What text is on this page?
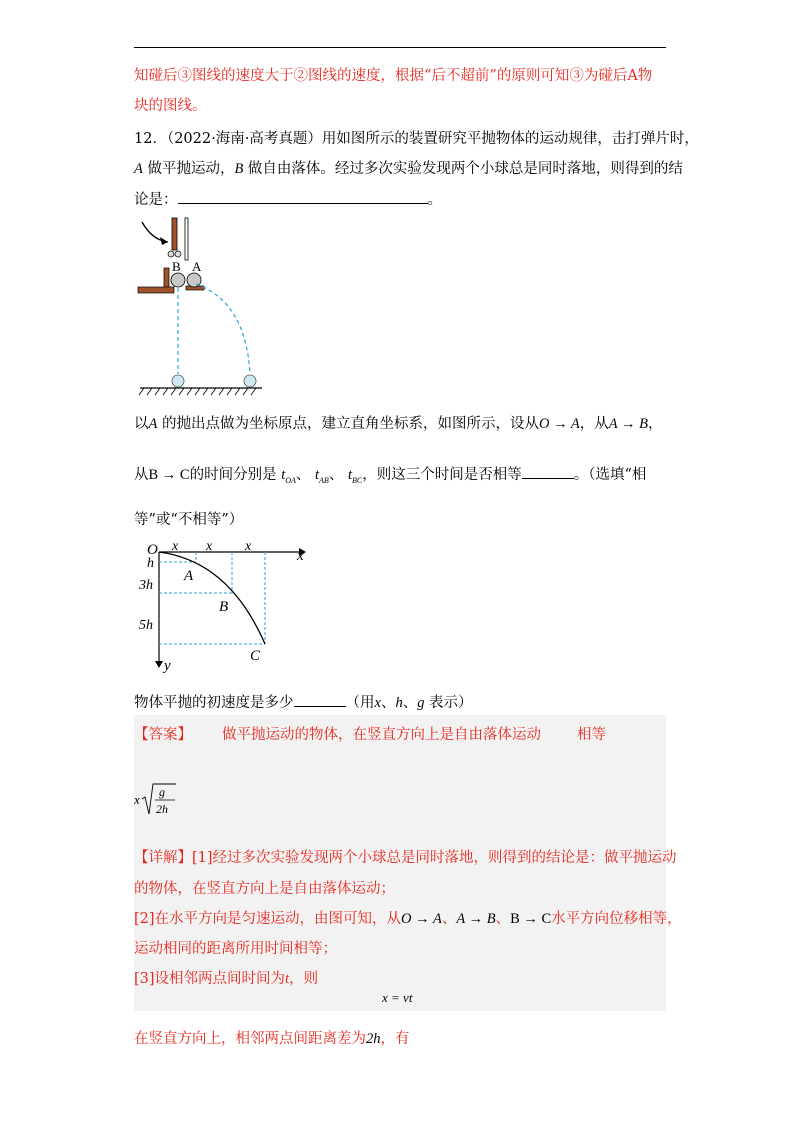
知碰后③图线的速度大于②图线的速度，根据“后不超前”的原则可知③为碰后A物
块的图线。
12．（2022·海南·高考真题）用如图所示的装置研究平抛物体的运动规律，击打弹片时，
A 做平抛运动，B 做自由落体。经过多次实验发现两个小球总是同时落地，则得到的结
论是：	。
B A
以A 的抛出点做为坐标原点，建立直角坐标系，如图所示，设从O → A，从A → B，
从B → C的时间分别是 $t_{OA}$、 $t_{AB}$、 $t_{BC}$，则这三个时间是否相等	。（选填“相
等”或“不相等”）
O	x
y
x x x
h
3h
5h
A
B
C
物体平抛的初速度是多少	（用x、h、g 表示）
【答案】 做平抛运动的物体，在竖直方向上是自由落体运动 相等
x g
2h
【详解】[1]经过多次实验发现两个小球总是同时落地，则得到的结论是：做平抛运动
的物体，在竖直方向上是自由落体运动；
[2]在水平方向是匀速运动，由图可知，从O → A、A → B、B → C水平方向位移相等，
运动相同的距离所用时间相等；
[3]设相邻两点间时间为t，则
x = vt
在竖直方向上，相邻两点间距离差为2h，有
